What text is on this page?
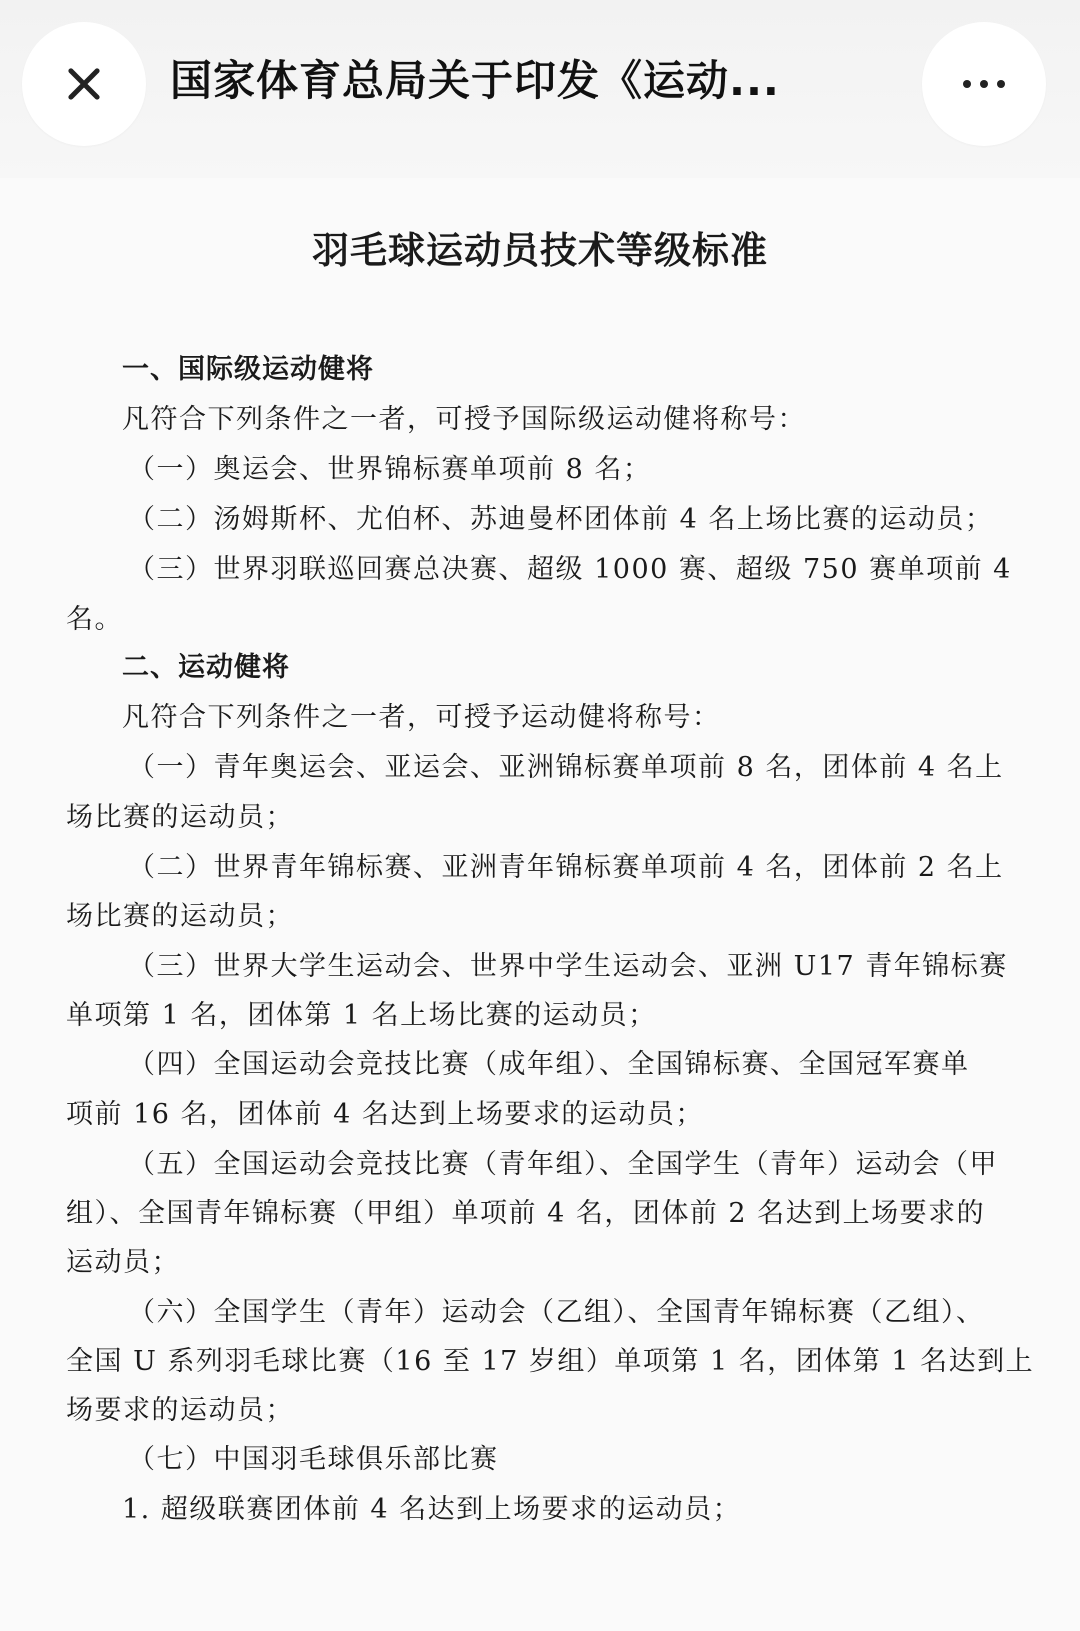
国家体育总局关于印发《运动...
羽毛球运动员技术等级标准
一、国际级运动健将
凡符合下列条件之一者，可授予国际级运动健将称号：
（一）奥运会、世界锦标赛单项前 8 名；
（二）汤姆斯杯、尤伯杯、苏迪曼杯团体前 4 名上场比赛的运动员；
（三）世界羽联巡回赛总决赛、超级 1000 赛、超级 750 赛单项前 4
名。
二、运动健将
凡符合下列条件之一者，可授予运动健将称号：
（一）青年奥运会、亚运会、亚洲锦标赛单项前 8 名，团体前 4 名上
场比赛的运动员；
（二）世界青年锦标赛、亚洲青年锦标赛单项前 4 名，团体前 2 名上
场比赛的运动员；
（三）世界大学生运动会、世界中学生运动会、亚洲 U17 青年锦标赛
单项第 1 名，团体第 1 名上场比赛的运动员；
（四）全国运动会竞技比赛（成年组）、全国锦标赛、全国冠军赛单
项前 16 名，团体前 4 名达到上场要求的运动员；
（五）全国运动会竞技比赛（青年组）、全国学生（青年）运动会（甲
组）、全国青年锦标赛（甲组）单项前 4 名，团体前 2 名达到上场要求的
运动员；
（六）全国学生（青年）运动会（乙组）、全国青年锦标赛（乙组）、
全国 U 系列羽毛球比赛（16 至 17 岁组）单项第 1 名，团体第 1 名达到上
场要求的运动员；
（七）中国羽毛球俱乐部比赛
1. 超级联赛团体前 4 名达到上场要求的运动员；
